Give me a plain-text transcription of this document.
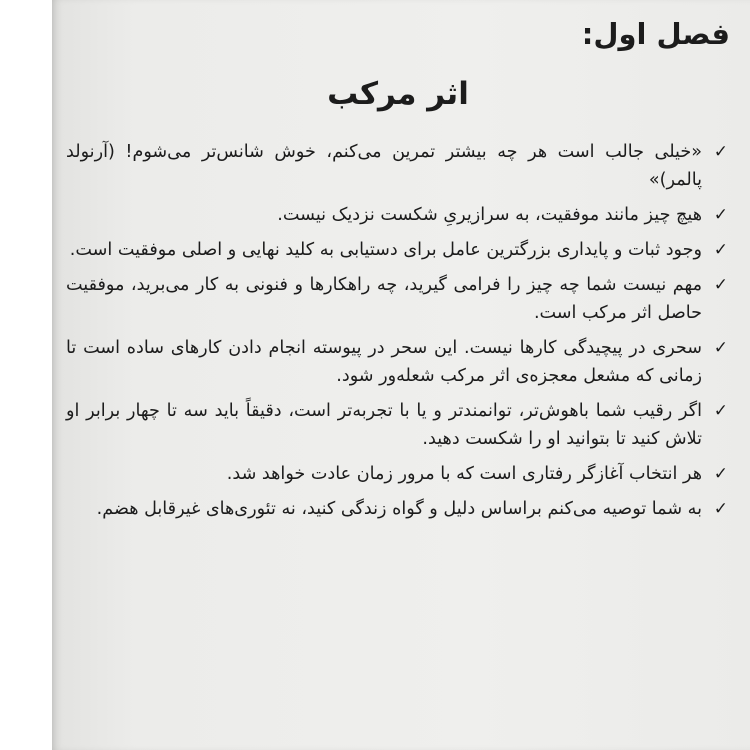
فصل اول:
اثر مرکب
✓
«خیلی جالب است هر چه بیشتر تمرین می‌کنم، خوش شانس‌تر می‌شوم! (آرنولد پالمر)»
✓
هیچ چیز مانند موفقیت، به سرازیریِ شکست نزدیک نیست.
✓
وجود ثبات و پایداری بزرگترین عامل برای دستیابی به کلید نهایی و اصلی موفقیت است.
✓
مهم نیست شما چه چیز را فرامی گیرید، چه راهکارها و فنونی به کار می‌برید، موفقیت حاصل اثر مرکب است.
✓
سحری در پیچیدگی کارها نیست. این سحر در پیوسته انجام دادن کارهای ساده است تا زمانی که مشعل معجزه‌ی اثر مرکب شعله‌ور شود.
✓
اگر رقیب شما باهوش‌تر، توانمندتر و یا با تجربه‌تر است، دقیقاً باید سه تا چهار برابر او تلاش کنید تا بتوانید او را شکست دهید.
✓
هر انتخاب آغازگر رفتاری است که با مرور زمان عادت خواهد شد.
✓
به شما توصیه می‌کنم براساس دلیل و گواه زندگی کنید، نه تئوری‌های غیرقابل هضم.
